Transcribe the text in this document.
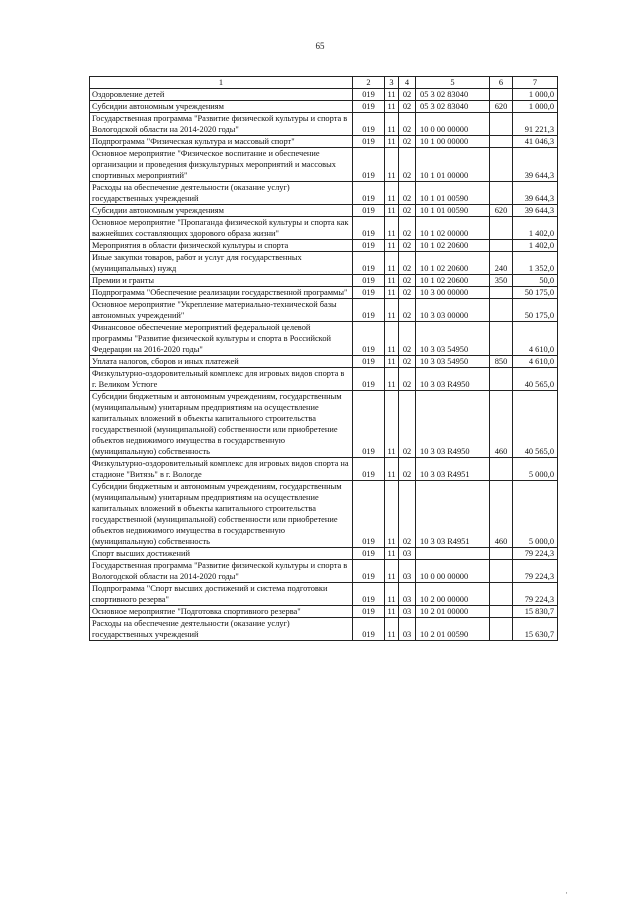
65
1	2	3	4	5	6	7
Оздоровление детей	019	11	02	05 3 02 83040		1 000,0
Субсидии автономным учреждениям	019	11	02	05 3 02 83040	620	1 000,0
Государственная программа "Развитие физической культуры и спорта в Вологодской области на 2014-2020 годы"	019	11	02	10 0 00 00000		91 221,3
Подпрограмма "Физическая культура и массовый спорт"	019	11	02	10 1 00 00000		41 046,3
Основное мероприятие "Физическое воспитание и обеспечение организации и проведения физкультурных мероприятий и массовых спортивных мероприятий"	019	11	02	10 1 01 00000		39 644,3
Расходы на обеспечение деятельности (оказание услуг) государственных учреждений	019	11	02	10 1 01 00590		39 644,3
Субсидии автономным учреждениям	019	11	02	10 1 01 00590	620	39 644,3
Основное мероприятие "Пропаганда физической культуры и спорта как важнейших составляющих здорового образа жизни"	019	11	02	10 1 02 00000		1 402,0
Мероприятия в области физической культуры и спорта	019	11	02	10 1 02 20600		1 402,0
Иные закупки товаров, работ и услуг для государственных (муниципальных) нужд	019	11	02	10 1 02 20600	240	1 352,0
Премии и гранты	019	11	02	10 1 02 20600	350	50,0
Подпрограмма "Обеспечение реализации государственной программы"	019	11	02	10 3 00 00000		50 175,0
Основное мероприятие "Укрепление материально-технической базы автономных учреждений"	019	11	02	10 3 03 00000		50 175,0
Финансовое обеспечение мероприятий федеральной целевой программы "Развитие физической культуры и спорта в Российской Федерации на 2016-2020 годы"	019	11	02	10 3 03 54950		4 610,0
Уплата налогов, сборов и иных платежей	019	11	02	10 3 03 54950	850	4 610,0
Физкультурно-оздоровительный комплекс для игровых видов спорта в г. Великом Устюге	019	11	02	10 3 03 R4950		40 565,0
Субсидии бюджетным и автономным учреждениям, государственным (муниципальным) унитарным предприятиям на осуществление капитальных вложений в объекты капитального строительства государственной (муниципальной) собственности или приобретение объектов недвижимого имущества в государственную (муниципальную) собственность	019	11	02	10 3 03 R4950	460	40 565,0
Физкультурно-оздоровительный комплекс для игровых видов спорта на стадионе "Витязь" в г. Вологде	019	11	02	10 3 03 R4951		5 000,0
Субсидии бюджетным и автономным учреждениям, государственным (муниципальным) унитарным предприятиям на осуществление капитальных вложений в объекты капитального строительства государственной (муниципальной) собственности или приобретение объектов недвижимого имущества в государственную (муниципальную) собственность	019	11	02	10 3 03 R4951	460	5 000,0
Спорт высших достижений	019	11	03			79 224,3
Государственная программа "Развитие физической культуры и спорта в Вологодской области на 2014-2020 годы"	019	11	03	10 0 00 00000		79 224,3
Подпрограмма "Спорт высших достижений и система подготовки спортивного резерва"	019	11	03	10 2 00 00000		79 224,3
Основное мероприятие "Подготовка спортивного резерва"	019	11	03	10 2 01 00000		15 830,7
Расходы на обеспечение деятельности (оказание услуг) государственных учреждений	019	11	03	10 2 01 00590		15 630,7
·
